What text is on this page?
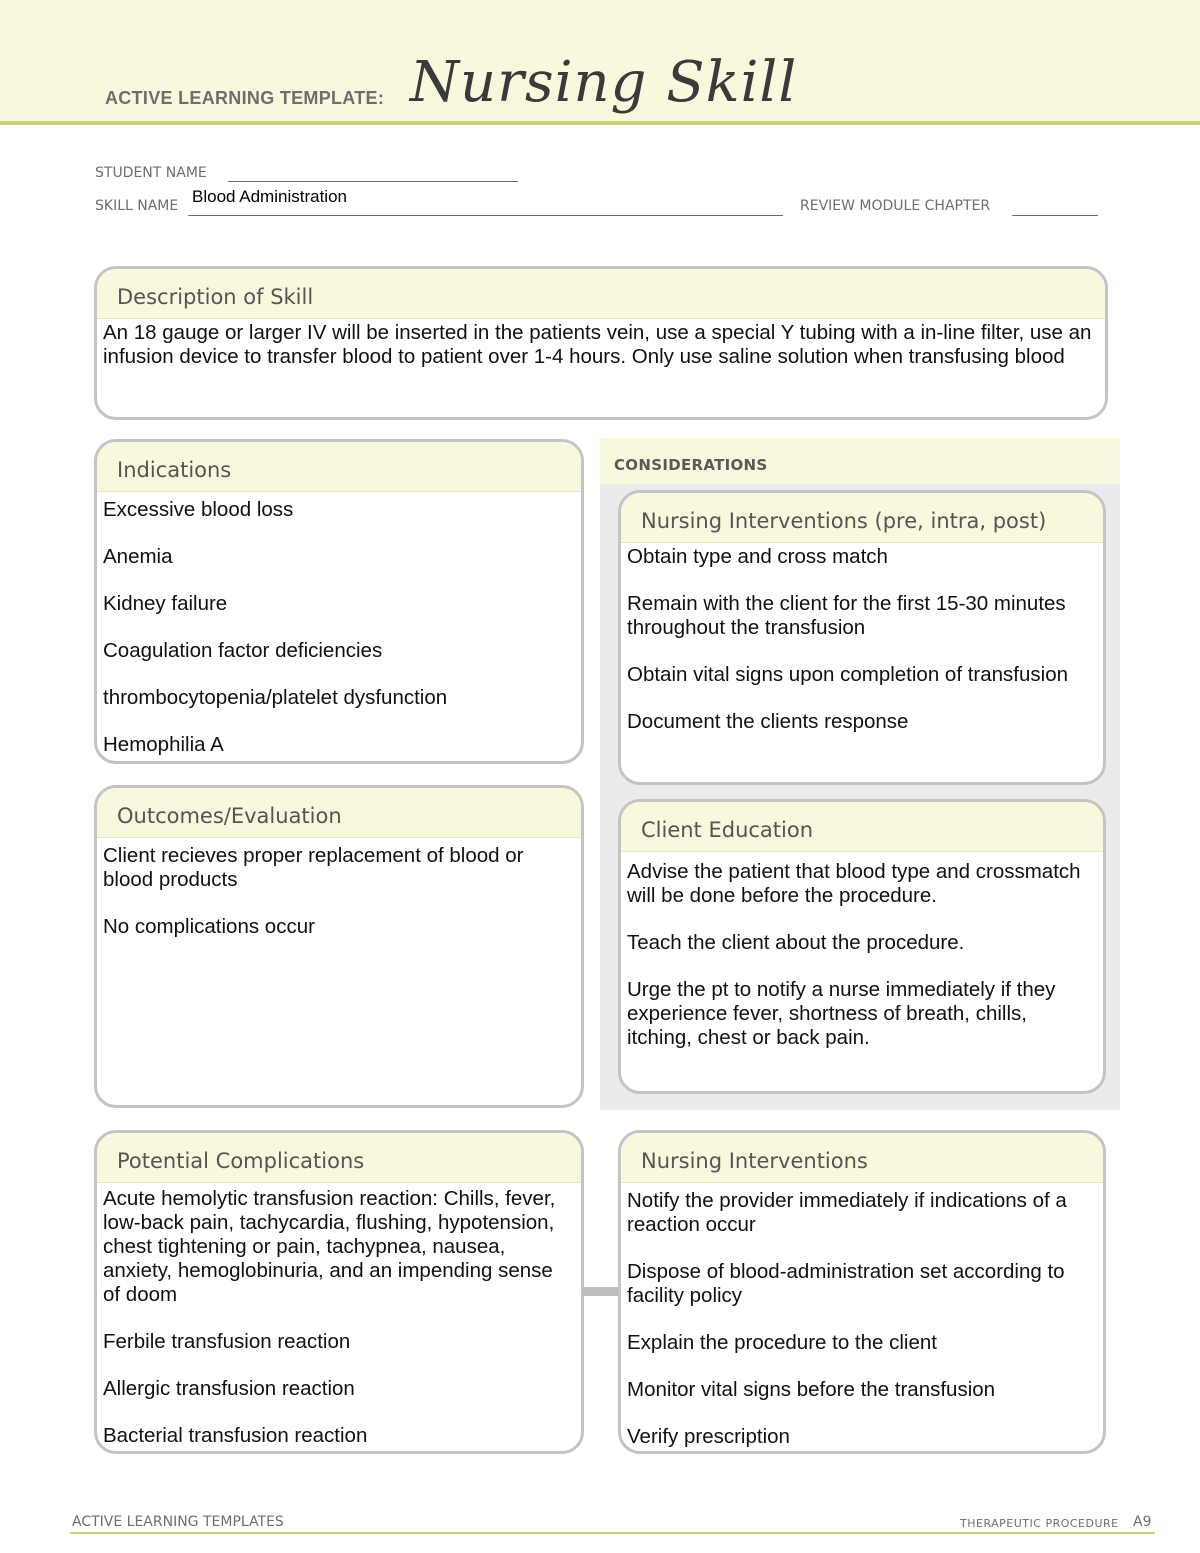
ACTIVE LEARNING TEMPLATE: Nursing Skill
STUDENT NAME
SKILL NAME Blood Administration	REVIEW MODULE CHAPTER
Description of Skill

An 18 gauge or larger IV will be inserted in the patients vein, use a special Y tubing with a in-line filter, use an infusion device to transfer blood to patient over 1-4 hours. Only use saline solution when transfusing blood

CONSIDERATIONS
Indications

Excessive blood loss

Anemia

Kidney failure

Coagulation factor deficiencies

thrombocytopenia/platelet dysfunction

Hemophilia A

Outcomes/Evaluation

Client recieves proper replacement of blood or blood products

No complications occur

Nursing Interventions (pre, intra, post)

Obtain type and cross match

Remain with the client for the first 15-30 minutes throughout the transfusion

Obtain vital signs upon completion of transfusion

Document the clients response

Client Education

Advise the patient that blood type and crossmatch will be done before the procedure.

Teach the client about the procedure.

Urge the pt to notify a nurse immediately if they experience fever, shortness of breath, chills, itching, chest or back pain.

Potential Complications

Acute hemolytic transfusion reaction: Chills, fever, low-back pain, tachycardia, flushing, hypotension, chest tightening or pain, tachypnea, nausea, anxiety, hemoglobinuria, and an impending sense of doom

Ferbile transfusion reaction

Allergic transfusion reaction

Bacterial transfusion reaction

Nursing Interventions

Notify the provider immediately if indications of a reaction occur

Dispose of blood-administration set according to facility policy

Explain the procedure to the client

Monitor vital signs before the transfusion

Verify prescription

ACTIVE LEARNING TEMPLATES	THERAPEUTIC PROCEDURE A9
